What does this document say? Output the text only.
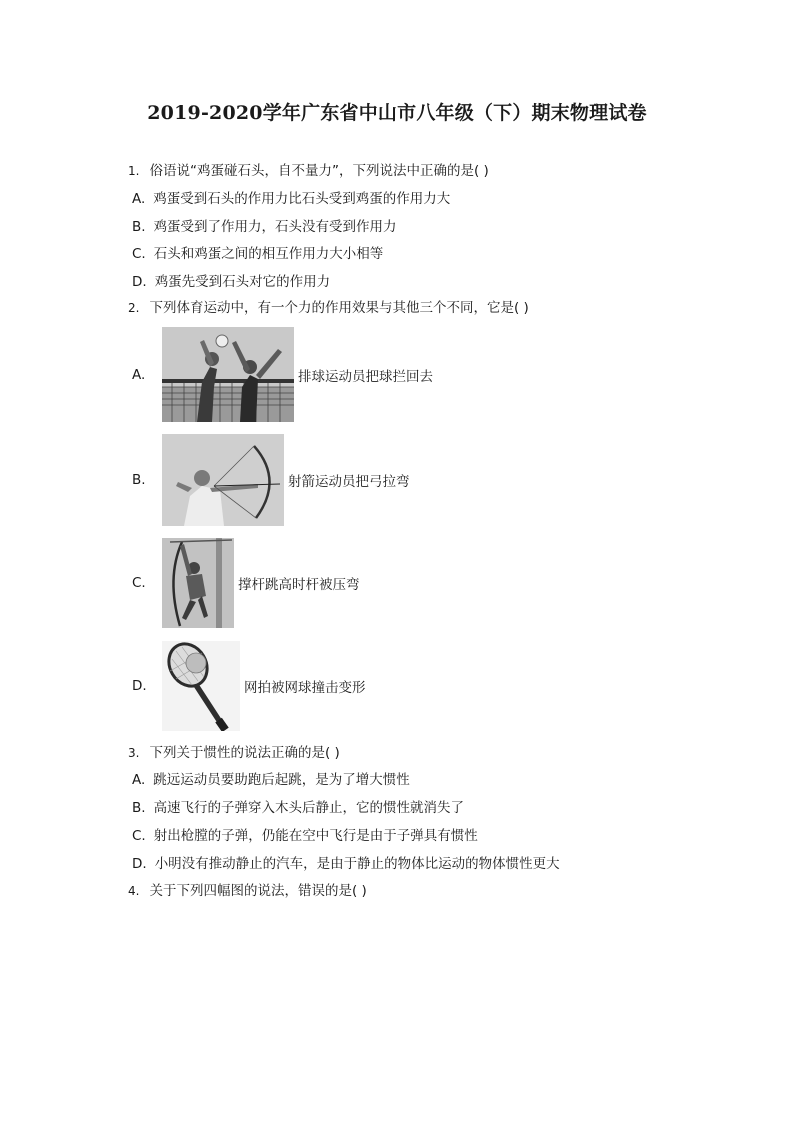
2019-2020学年广东省中山市八年级（下）期末物理试卷
1. 俗语说“鸡蛋碰石头，自不量力”，下列说法中正确的是( )
A. 鸡蛋受到石头的作用力比石头受到鸡蛋的作用力大
B. 鸡蛋受到了作用力，石头没有受到作用力
C. 石头和鸡蛋之间的相互作用力大小相等
D. 鸡蛋先受到石头对它的作用力
2. 下列体育运动中，有一个力的作用效果与其他三个不同，它是( )
A.	排球运动员把球拦回去
B.	射箭运动员把弓拉弯
C.	撑杆跳高时杆被压弯
D.	网拍被网球撞击变形
3. 下列关于惯性的说法正确的是( )
A. 跳远运动员要助跑后起跳，是为了增大惯性
B. 高速飞行的子弹穿入木头后静止，它的惯性就消失了
C. 射出枪膛的子弹，仍能在空中飞行是由于子弹具有惯性
D. 小明没有推动静止的汽车，是由于静止的物体比运动的物体惯性更大
4. 关于下列四幅图的说法，错误的是( )
